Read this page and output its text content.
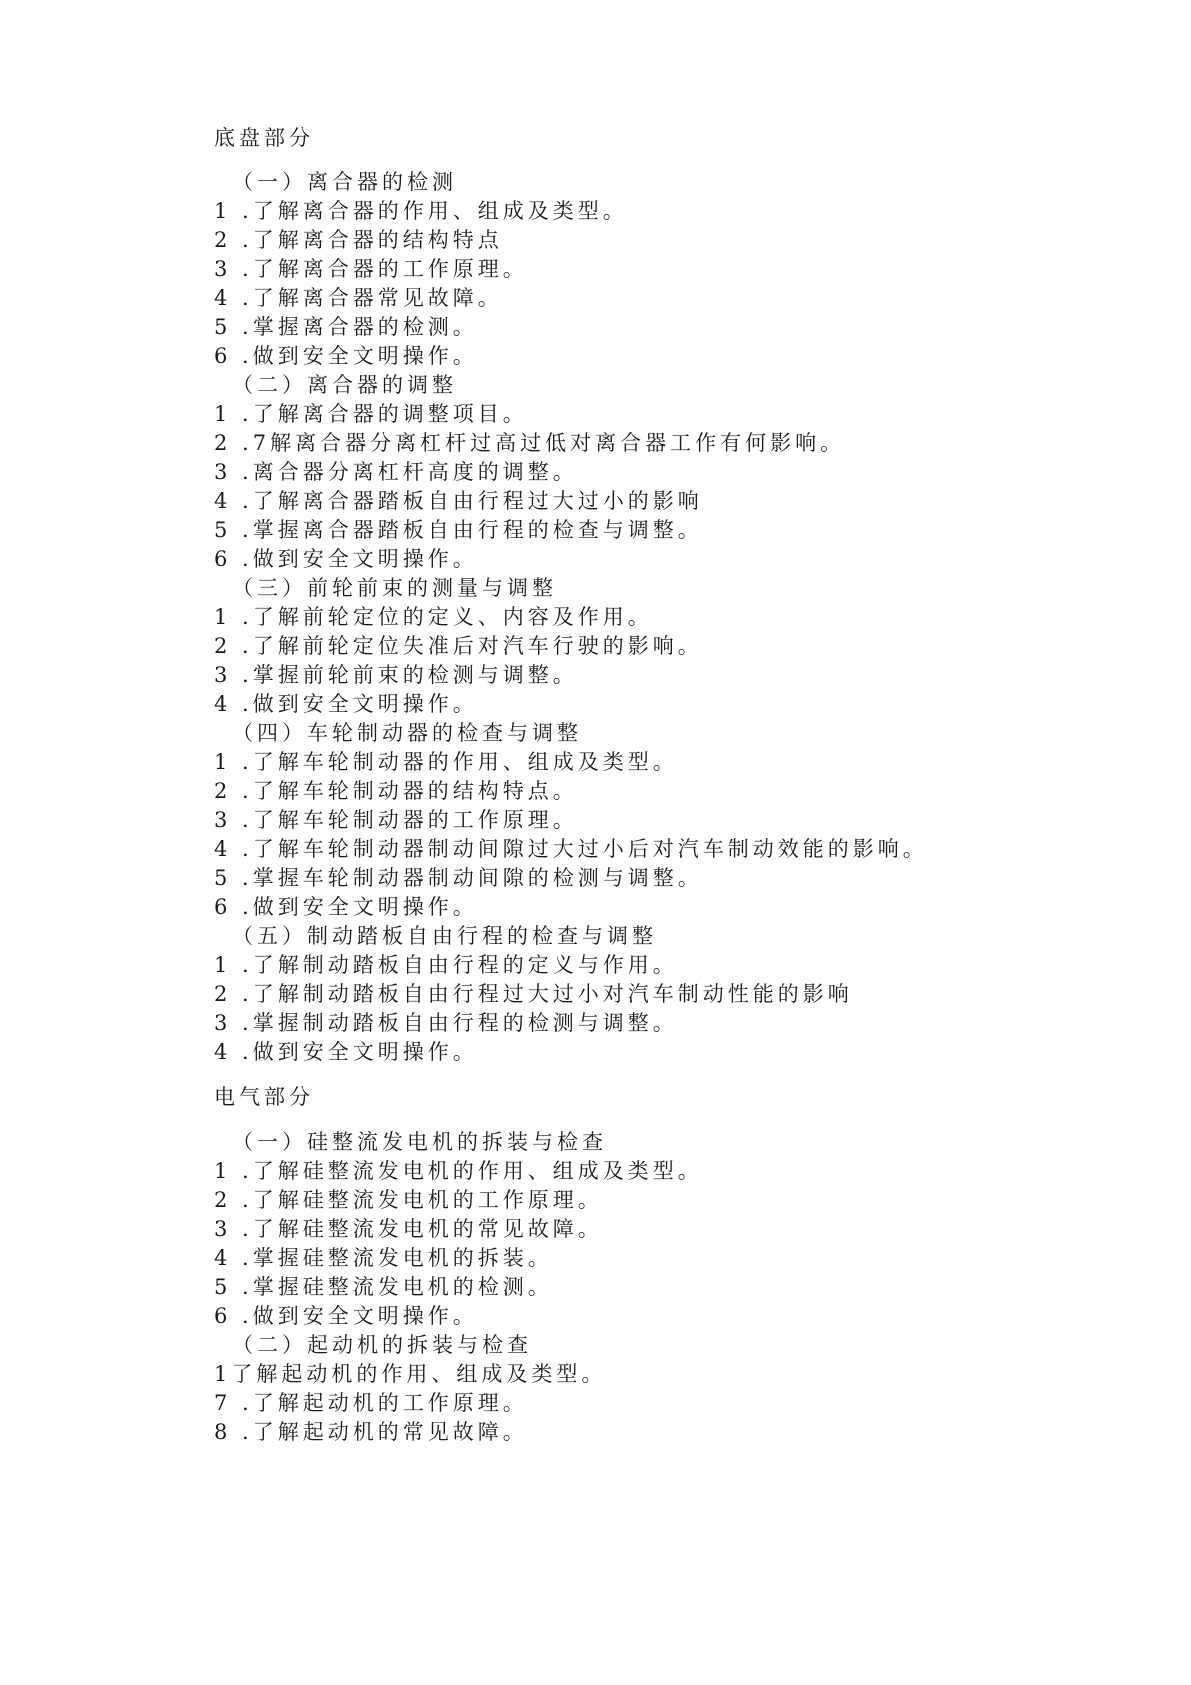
底盘部分
（一）离合器的检测
1 .了解离合器的作用、组成及类型。
2 .了解离合器的结构特点
3 .了解离合器的工作原理。
4 .了解离合器常见故障。
5 .掌握离合器的检测。
6 .做到安全文明操作。
（二）离合器的调整
1 .了解离合器的调整项目。
2 .7解离合器分离杠杆过高过低对离合器工作有何影响。
3 .离合器分离杠杆高度的调整。
4 .了解离合器踏板自由行程过大过小的影响
5 .掌握离合器踏板自由行程的检查与调整。
6 .做到安全文明操作。
（三）前轮前束的测量与调整
1 .了解前轮定位的定义、内容及作用。
2 .了解前轮定位失准后对汽车行驶的影响。
3 .掌握前轮前束的检测与调整。
4 .做到安全文明操作。
（四）车轮制动器的检查与调整
1 .了解车轮制动器的作用、组成及类型。
2 .了解车轮制动器的结构特点。
3 .了解车轮制动器的工作原理。
4 .了解车轮制动器制动间隙过大过小后对汽车制动效能的影响。
5 .掌握车轮制动器制动间隙的检测与调整。
6 .做到安全文明操作。
（五）制动踏板自由行程的检查与调整
1 .了解制动踏板自由行程的定义与作用。
2 .了解制动踏板自由行程过大过小对汽车制动性能的影响
3 .掌握制动踏板自由行程的检测与调整。
4 .做到安全文明操作。
电气部分
（一）硅整流发电机的拆装与检查
1 .了解硅整流发电机的作用、组成及类型。
2 .了解硅整流发电机的工作原理。
3 .了解硅整流发电机的常见故障。
4 .掌握硅整流发电机的拆装。
5 .掌握硅整流发电机的检测。
6 .做到安全文明操作。
（二）起动机的拆装与检查
1了解起动机的作用、组成及类型。
7 .了解起动机的工作原理。
8 .了解起动机的常见故障。
